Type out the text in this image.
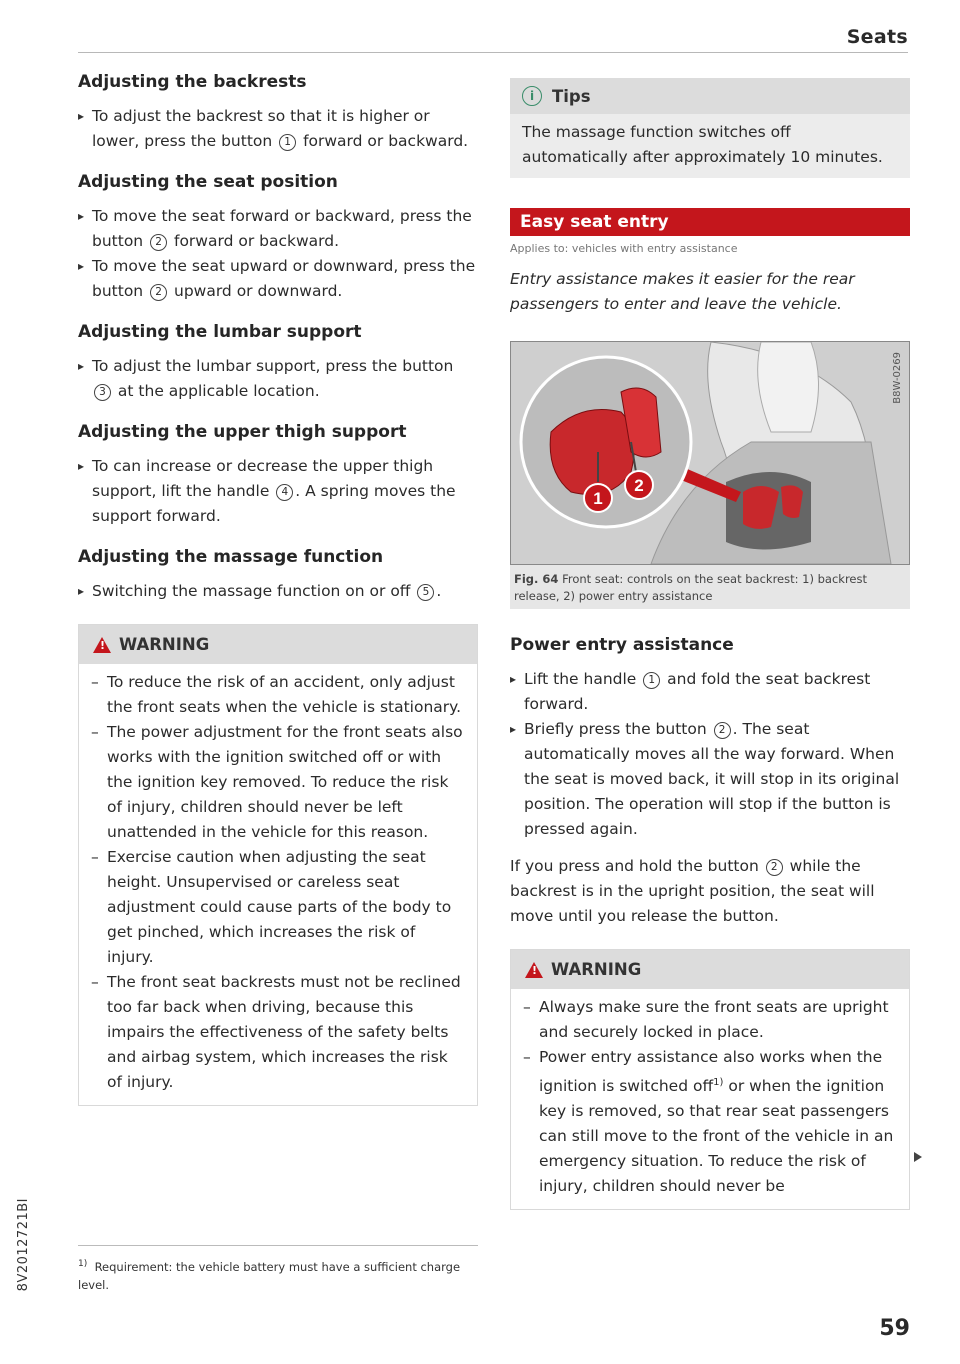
Seats
Adjusting the backrests

▸ To adjust the backrest so that it is higher or lower, press the button 1 forward or backward.

Adjusting the seat position

▸ To move the seat forward or backward, press the button 2 forward or backward.

▸ To move the seat upward or downward, press the button 2 upward or downward.

Adjusting the lumbar support

▸ To adjust the lumbar support, press the button 3 at the applicable location.

Adjusting the upper thigh support

▸ To can increase or decrease the upper thigh support, lift the handle 4 . A spring moves the support forward.

Adjusting the massage function

▸ Switching the massage function on or off 5 .

!
WARNING

– To reduce the risk of an accident, only adjust the front seats when the vehicle is stationary.

– The power adjustment for the front seats also works with the ignition switched off or with the ignition key removed. To reduce the risk of injury, children should never be left unattended in the vehicle for this reason.

– Exercise caution when adjusting the seat height. Unsupervised or careless seat adjustment could cause parts of the body to get pinched, which increases the risk of injury.

– The front seat backrests must not be reclined too far back when driving, because this impairs the effectiveness of the safety belts and airbag system, which increases the risk of injury.

i	Tips
The massage function switches off automatically after approximately 10 minutes.
Easy seat entry
Applies to: vehicles with entry assistance
Entry assistance makes it easier for the rear passengers to enter and leave the vehicle.
1
2
B8W-0269
Fig. 64 Front seat: controls on the seat backrest: 1) backrest release, 2) power entry assistance
Power entry assistance

▸ Lift the handle 1 and fold the seat backrest forward.

▸ Briefly press the button 2 . The seat automatically moves all the way forward. When the seat is moved back, it will stop in its original position. The operation will stop if the button is pressed again.

If you press and hold the button 2 while the backrest is in the upright position, the seat will move until you release the button.

!
WARNING

– Always make sure the front seats are upright and securely locked in place.

– Power entry assistance also works when the ignition is switched off$^{1)}$ or when the ignition key is removed, so that rear seat passengers can still move to the front of the vehicle in an emergency situation. To reduce the risk of injury, children should never be

$^{1)}$ Requirement: the vehicle battery must have a sufficient charge level.
8V2012721BI
59
